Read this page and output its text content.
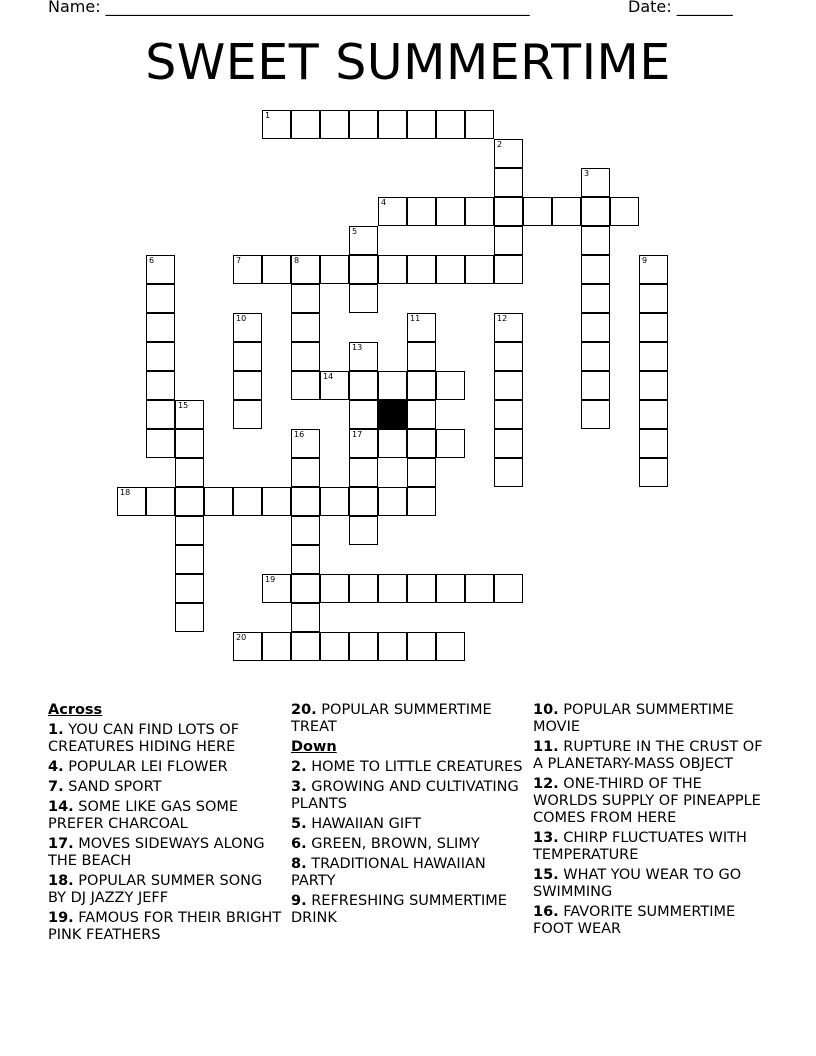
Name: _____________________________________________________	Date: _______
SWEET SUMMERTIME
1
4
7	8
14
17
18
19
20
2
3
5
6	9
10	11	12
13
15
16
Across
1. YOU CAN FIND LOTS OF CREATURES HIDING HERE
4. POPULAR LEI FLOWER
7. SAND SPORT
14. SOME LIKE GAS SOME PREFER CHARCOAL
17. MOVES SIDEWAYS ALONG THE BEACH
18. POPULAR SUMMER SONG BY DJ JAZZY JEFF
19. FAMOUS FOR THEIR BRIGHT PINK FEATHERS
20. POPULAR SUMMERTIME TREAT
Down
2. HOME TO LITTLE CREATURES
3. GROWING AND CULTIVATING PLANTS
5. HAWAIIAN GIFT
6. GREEN, BROWN, SLIMY
8. TRADITIONAL HAWAIIAN PARTY
9. REFRESHING SUMMERTIME DRINK
10. POPULAR SUMMERTIME MOVIE
11. RUPTURE IN THE CRUST OF A PLANETARY-MASS OBJECT
12. ONE-THIRD OF THE WORLDS SUPPLY OF PINEAPPLE COMES FROM HERE
13. CHIRP FLUCTUATES WITH TEMPERATURE
15. WHAT YOU WEAR TO GO SWIMMING
16. FAVORITE SUMMERTIME FOOT WEAR
